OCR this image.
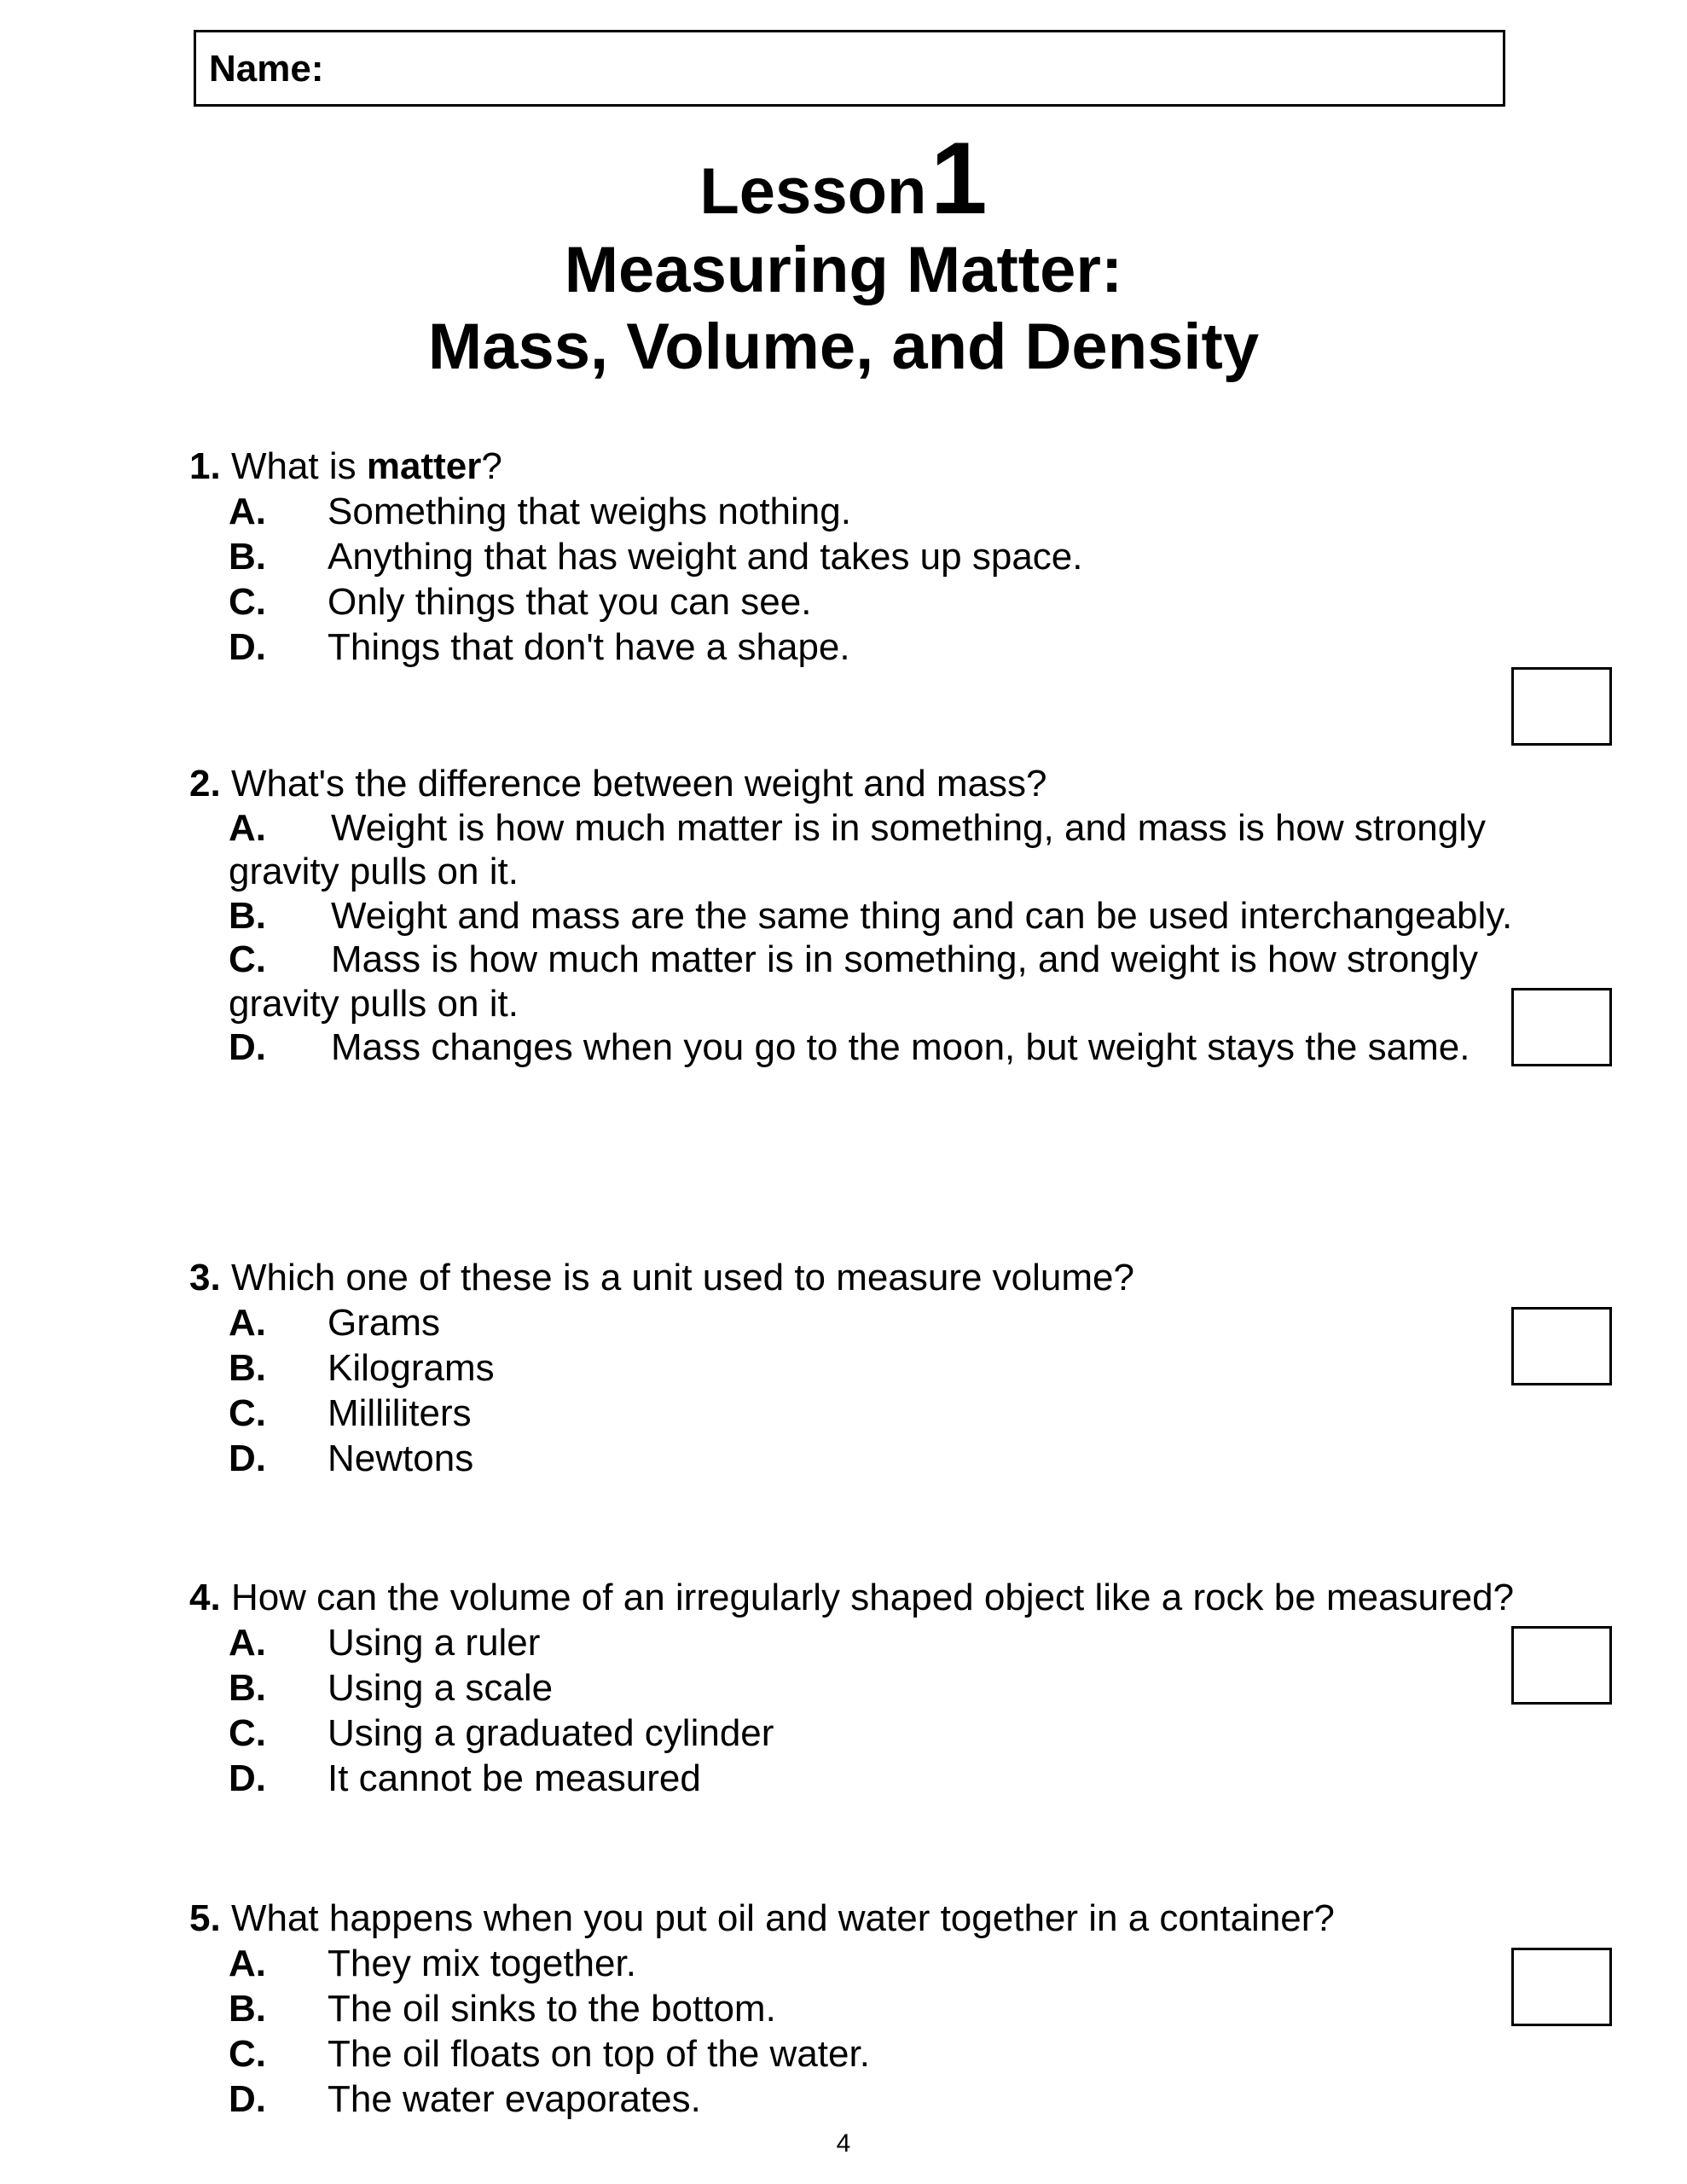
Name:
Lesson 1
Measuring Matter:
Mass, Volume, and Density
1. What is matter?
A.	Something that weighs nothing.
B.	Anything that has weight and takes up space.
C.	Only things that you can see.
D.	Things that don't have a shape.
2. What's the difference between weight and mass?
A. Weight is how much matter is in something, and mass is how strongly gravity pulls on it.
B. Weight and mass are the same thing and can be used interchangeably.
C. Mass is how much matter is in something, and weight is how strongly gravity pulls on it.
D. Mass changes when you go to the moon, but weight stays the same.
3. Which one of these is a unit used to measure volume?
A.	Grams
B.	Kilograms
C.	Milliliters
D.	Newtons
4. How can the volume of an irregularly shaped object like a rock be measured?
A.	Using a ruler
B.	Using a scale
C.	Using a graduated cylinder
D.	It cannot be measured
5. What happens when you put oil and water together in a container?
A.	They mix together.
B.	The oil sinks to the bottom.
C.	The oil floats on top of the water.
D.	The water evaporates.
4
